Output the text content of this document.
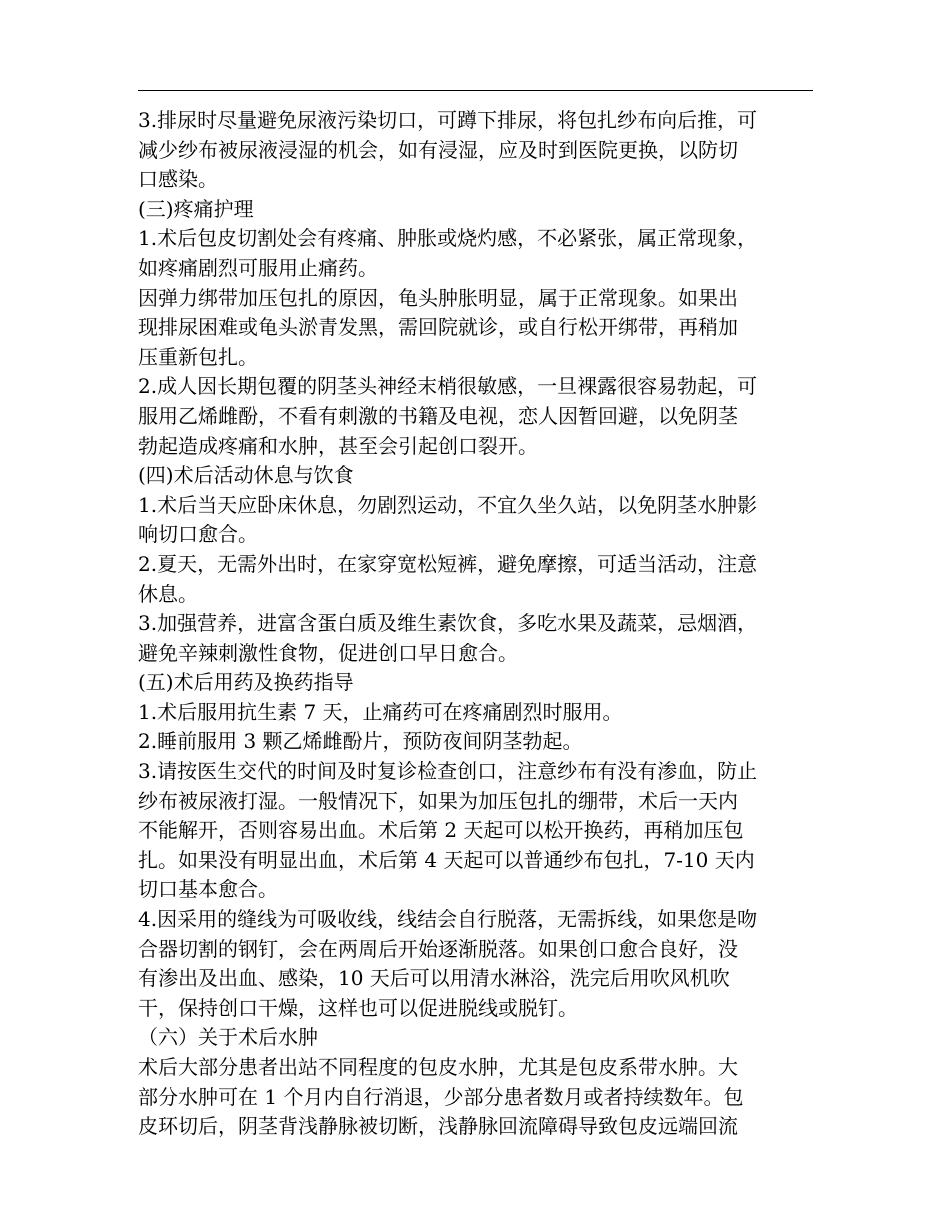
3.排尿时尽量避免尿液污染切口，可蹲下排尿，将包扎纱布向后推，可
减少纱布被尿液浸湿的机会，如有浸湿，应及时到医院更换，以防切
口感染。
(三)疼痛护理
1.术后包皮切割处会有疼痛、肿胀或烧灼感，不必紧张，属正常现象，
如疼痛剧烈可服用止痛药。
因弹力绑带加压包扎的原因，龟头肿胀明显，属于正常现象。如果出
现排尿困难或龟头淤青发黑，需回院就诊，或自行松开绑带，再稍加
压重新包扎。
2.成人因长期包覆的阴茎头神经末梢很敏感，一旦裸露很容易勃起，可
服用乙烯雌酚，不看有刺激的书籍及电视，恋人因暂回避，以免阴茎
勃起造成疼痛和水肿，甚至会引起创口裂开。
(四)术后活动休息与饮食
1.术后当天应卧床休息，勿剧烈运动，不宜久坐久站，以免阴茎水肿影
响切口愈合。
2.夏天，无需外出时，在家穿宽松短裤，避免摩擦，可适当活动，注意
休息。
3.加强营养，进富含蛋白质及维生素饮食，多吃水果及蔬菜，忌烟酒，
避免辛辣刺激性食物，促进创口早日愈合。
(五)术后用药及换药指导
1.术后服用抗生素 7 天，止痛药可在疼痛剧烈时服用。
2.睡前服用 3 颗乙烯雌酚片，预防夜间阴茎勃起。
3.请按医生交代的时间及时复诊检查创口，注意纱布有没有渗血，防止
纱布被尿液打湿。一般情况下，如果为加压包扎的绷带，术后一天内
不能解开，否则容易出血。术后第 2 天起可以松开换药，再稍加压包
扎。如果没有明显出血，术后第 4 天起可以普通纱布包扎，7-10 天内
切口基本愈合。
4.因采用的缝线为可吸收线，线结会自行脱落，无需拆线，如果您是吻
合器切割的钢钉，会在两周后开始逐渐脱落。如果创口愈合良好，没
有渗出及出血、感染，10 天后可以用清水淋浴，洗完后用吹风机吹
干，保持创口干燥，这样也可以促进脱线或脱钉。
（六）关于术后水肿
术后大部分患者出站不同程度的包皮水肿，尤其是包皮系带水肿。大
部分水肿可在 1 个月内自行消退，少部分患者数月或者持续数年。包
皮环切后，阴茎背浅静脉被切断，浅静脉回流障碍导致包皮远端回流
